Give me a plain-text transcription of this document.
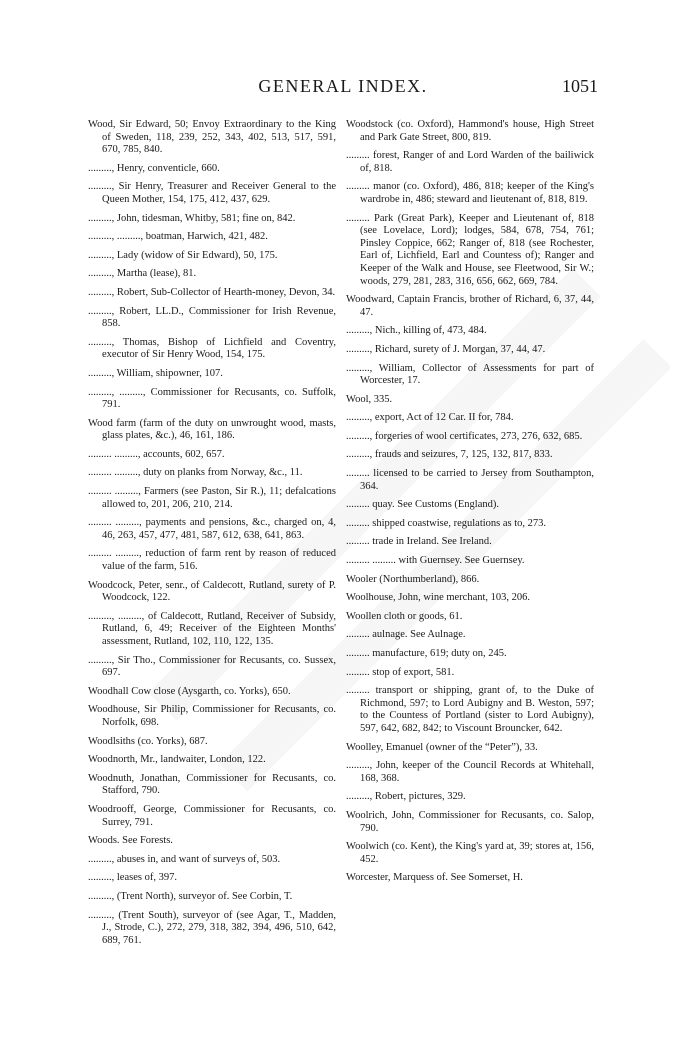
GENERAL INDEX.	1051
Wood, Sir Edward, 50; Envoy Extraordinary to the King of Sweden, 118, 239, 252, 343, 402, 513, 517, 591, 670, 785, 840.
........., Henry, conventicle, 660.
........., Sir Henry, Treasurer and Receiver General to the Queen Mother, 154, 175, 412, 437, 629.
........., John, tidesman, Whitby, 581; fine on, 842.
........., ........., boatman, Harwich, 421, 482.
........., Lady (widow of Sir Edward), 50, 175.
........., Martha (lease), 81.
........., Robert, Sub-Collector of Hearth-money, Devon, 34.
........., Robert, LL.D., Commissioner for Irish Revenue, 858.
........., Thomas, Bishop of Lichfield and Coventry, executor of Sir Henry Wood, 154, 175.
........., William, shipowner, 107.
........., ........., Commissioner for Recusants, co. Suffolk, 791.
Wood farm (farm of the duty on unwrought wood, masts, glass plates, &c.), 46, 161, 186.
......... ........., accounts, 602, 657.
......... ........., duty on planks from Norway, &c., 11.
......... ........., Farmers (see Paston, Sir R.), 11; defalcations allowed to, 201, 206, 210, 214.
......... ........., payments and pensions, &c., charged on, 4, 46, 263, 457, 477, 481, 587, 612, 638, 641, 863.
......... ........., reduction of farm rent by reason of reduced value of the farm, 516.
Woodcock, Peter, senr., of Caldecott, Rutland, surety of P. Woodcock, 122.
........., ........., of Caldecott, Rutland, Receiver of Subsidy, Rutland, 6, 49; Receiver of the Eighteen Months' assessment, Rutland, 102, 110, 122, 135.
........., Sir Tho., Commissioner for Recusants, co. Sussex, 697.
Woodhall Cow close (Aysgarth, co. Yorks), 650.
Woodhouse, Sir Philip, Commissioner for Recusants, co. Norfolk, 698.
Woodlsiths (co. Yorks), 687.
Woodnorth, Mr., landwaiter, London, 122.
Woodnuth, Jonathan, Commissioner for Recusants, co. Stafford, 790.
Woodrooff, George, Commissioner for Recusants, co. Surrey, 791.
Woods. See Forests.
........., abuses in, and want of surveys of, 503.
........., leases of, 397.
........., (Trent North), surveyor of. See Corbin, T.
........., (Trent South), surveyor of (see Agar, T., Madden, J., Strode, C.), 272, 279, 318, 382, 394, 496, 510, 642, 689, 761.
Woodstock (co. Oxford), Hammond's house, High Street and Park Gate Street, 800, 819.
......... forest, Ranger of and Lord Warden of the bailiwick of, 818.
......... manor (co. Oxford), 486, 818; keeper of the King's wardrobe in, 486; steward and lieutenant of, 818, 819.
......... Park (Great Park), Keeper and Lieutenant of, 818 (see Lovelace, Lord); lodges, 584, 678, 754, 761; Pinsley Coppice, 662; Ranger of, 818 (see Rochester, Earl of, Lichfield, Earl and Countess of); Ranger and Keeper of the Walk and House, see Fleetwood, Sir W.; woods, 279, 281, 283, 316, 656, 662, 669, 784.
Woodward, Captain Francis, brother of Richard, 6, 37, 44, 47.
........., Nich., killing of, 473, 484.
........., Richard, surety of J. Morgan, 37, 44, 47.
........., William, Collector of Assessments for part of Worcester, 17.
Wool, 335.
........., export, Act of 12 Car. II for, 784.
........., forgeries of wool certificates, 273, 276, 632, 685.
........., frauds and seizures, 7, 125, 132, 817, 833.
......... licensed to be carried to Jersey from Southampton, 364.
......... quay. See Customs (England).
......... shipped coastwise, regulations as to, 273.
......... trade in Ireland. See Ireland.
......... ......... with Guernsey. See Guernsey.
Wooler (Northumberland), 866.
Woolhouse, John, wine merchant, 103, 206.
Woollen cloth or goods, 61.
......... aulnage. See Aulnage.
......... manufacture, 619; duty on, 245.
......... stop of export, 581.
......... transport or shipping, grant of, to the Duke of Richmond, 597; to Lord Aubigny and B. Weston, 597; to the Countess of Portland (sister to Lord Aubigny), 597, 642, 682, 842; to Viscount Brouncker, 642.
Woolley, Emanuel (owner of the “Peter”), 33.
........., John, keeper of the Council Records at Whitehall, 168, 368.
........., Robert, pictures, 329.
Woolrich, John, Commissioner for Recusants, co. Salop, 790.
Woolwich (co. Kent), the King's yard at, 39; stores at, 156, 452.
Worcester, Marquess of. See Somerset, H.
